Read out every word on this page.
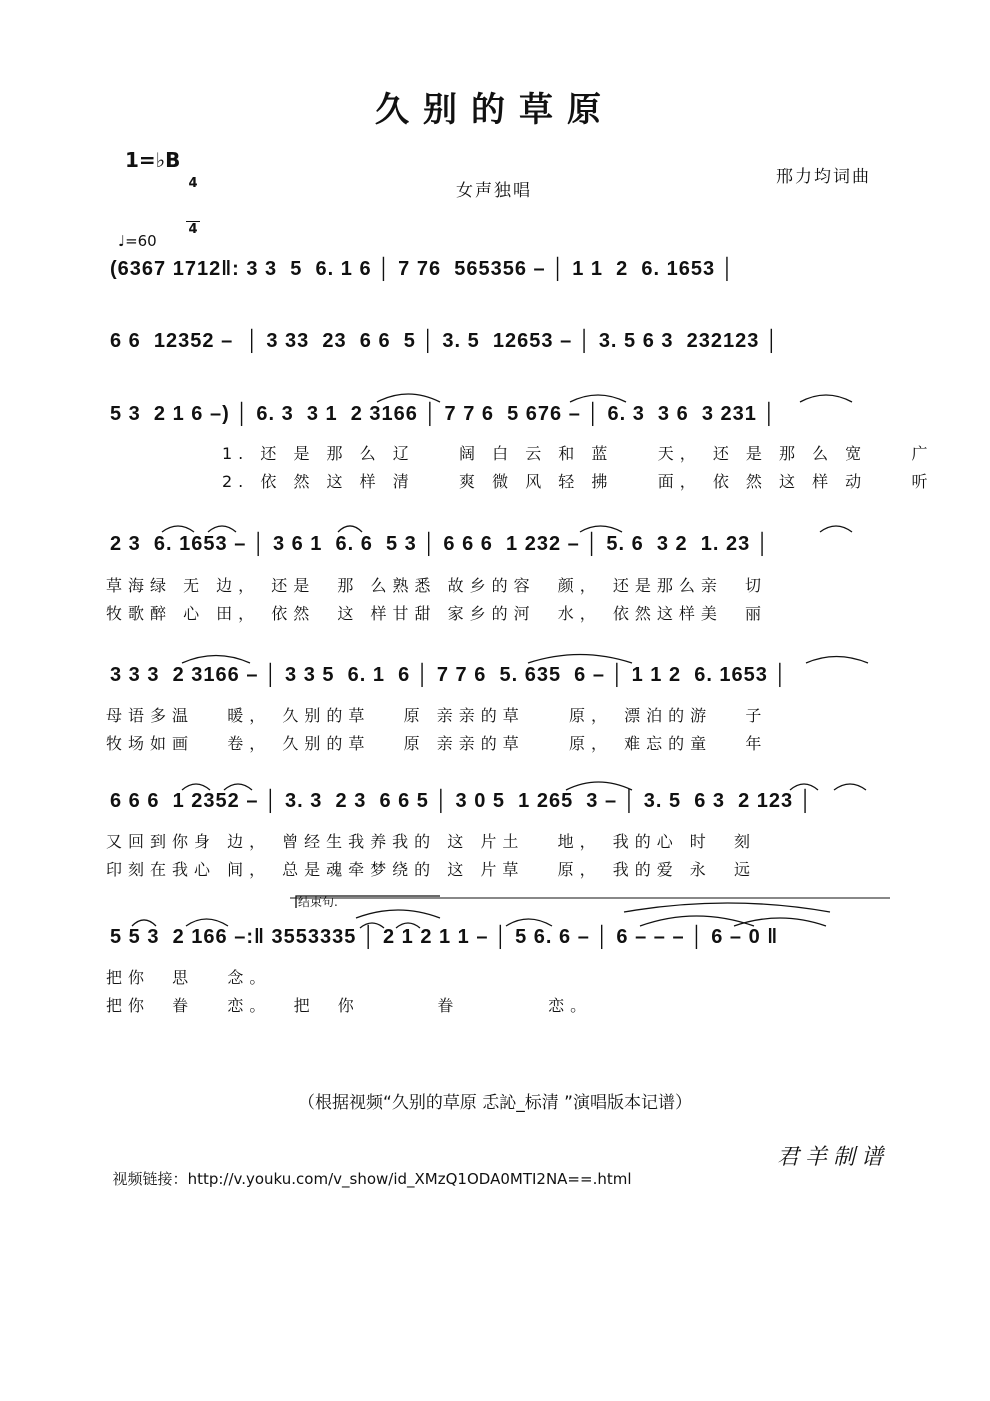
久别的草原
1=♭B

4

4

女声独唱
邢力均词曲
♩=60
(6367 1712‖: 3 3  5  6. 1 6 │ 7 76  565356 – │ 1 1  2  6. 1653 │
6 6  12352 –  │ 3 33  23  6 6  5 │ 3. 5  12653 – │ 3. 5 6 3  232123 │
5 3  2 1 6 –) │ 6. 3  3 1  2 3166 │ 7 7 6  5 676 – │ 6. 3  3 6  3 231 │
1. 还 是 那 么 辽    阔 白 云 和 蓝    天， 还 是 那 么 宽    广
2. 依 然 这 样 清    爽 微 风 轻 拂    面， 依 然 这 样 动    听
2 3  6. 1653 – │ 3 6 1  6. 6  5 3 │ 6 6 6  1 232 – │ 5. 6  3 2  1. 23 │
草海绿 无 边， 还是  那 么熟悉 故乡的容  颜， 还是那么亲  切
牧歌醉 心 田， 依然  这 样甘甜 家乡的河  水， 依然这样美  丽
3 3 3  2 3166 – │ 3 3 5  6. 1  6 │ 7 7 6  5. 635  6 – │ 1 1 2  6. 1653 │
母语多温   暖， 久别的草   原 亲亲的草    原， 漂泊的游   子
牧场如画   卷， 久别的草   原 亲亲的草    原， 难忘的童   年
6 6 6  1 2352 – │ 3. 3  2 3  6 6 5 │ 3 0 5  1 265  3 – │ 3. 5  6 3  2 123 │
又回到你身 边， 曾经生我养我的 这 片土   地， 我的心 时  刻
印刻在我心 间， 总是魂牵梦绕的 这 片草   原， 我的爱 永  远
结束句.
5 5 3  2 166 –:‖ 3553335 │ 2 1 2 1 1 – │ 5 6. 6 – │ 6 – – – │ 6 – 0 ‖
把你  思   念。
把你  眷   恋。  把  你       眷        恋。
（根据视频“久别的草原 忎訫_标清 ”演唱版本记谱）

视频链接：http://v.youku.com/v_show/id_XMzQ1ODA0MTI2NA==.html

君羊制谱
